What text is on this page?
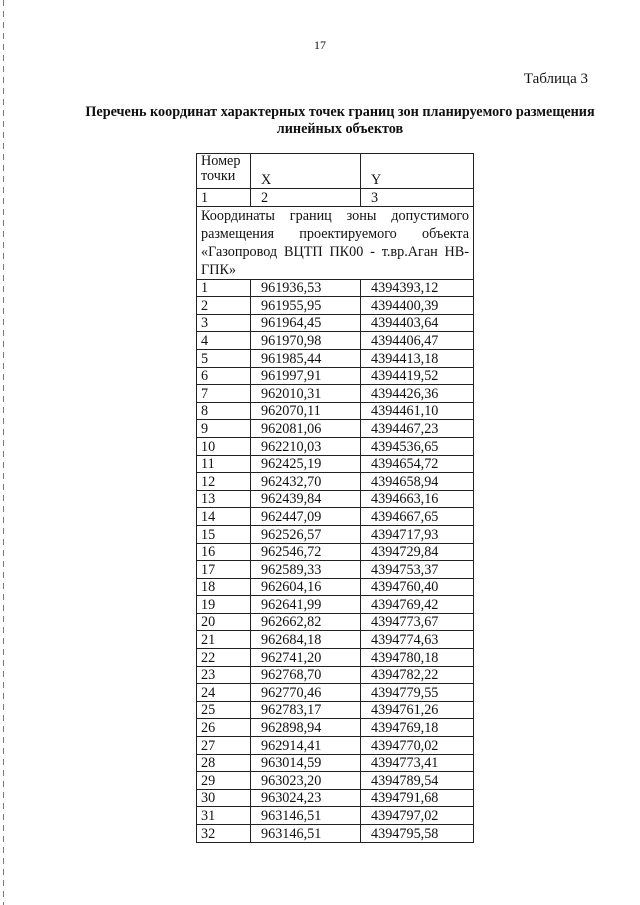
17
Таблица 3
Перечень координат характерных точек границ зон планируемого размещения линейных объектов
Номер точки	X	Y
1	2	3
Координаты границ зоны допустимого размещения проектируемого объекта «Газопровод ВЦТП ПК00 - т.вр.Аган НВ-ГПК»		
1	961936,53	4394393,12
2	961955,95	4394400,39
3	961964,45	4394403,64
4	961970,98	4394406,47
5	961985,44	4394413,18
6	961997,91	4394419,52
7	962010,31	4394426,36
8	962070,11	4394461,10
9	962081,06	4394467,23
10	962210,03	4394536,65
11	962425,19	4394654,72
12	962432,70	4394658,94
13	962439,84	4394663,16
14	962447,09	4394667,65
15	962526,57	4394717,93
16	962546,72	4394729,84
17	962589,33	4394753,37
18	962604,16	4394760,40
19	962641,99	4394769,42
20	962662,82	4394773,67
21	962684,18	4394774,63
22	962741,20	4394780,18
23	962768,70	4394782,22
24	962770,46	4394779,55
25	962783,17	4394761,26
26	962898,94	4394769,18
27	962914,41	4394770,02
28	963014,59	4394773,41
29	963023,20	4394789,54
30	963024,23	4394791,68
31	963146,51	4394797,02
32	963146,51	4394795,58
